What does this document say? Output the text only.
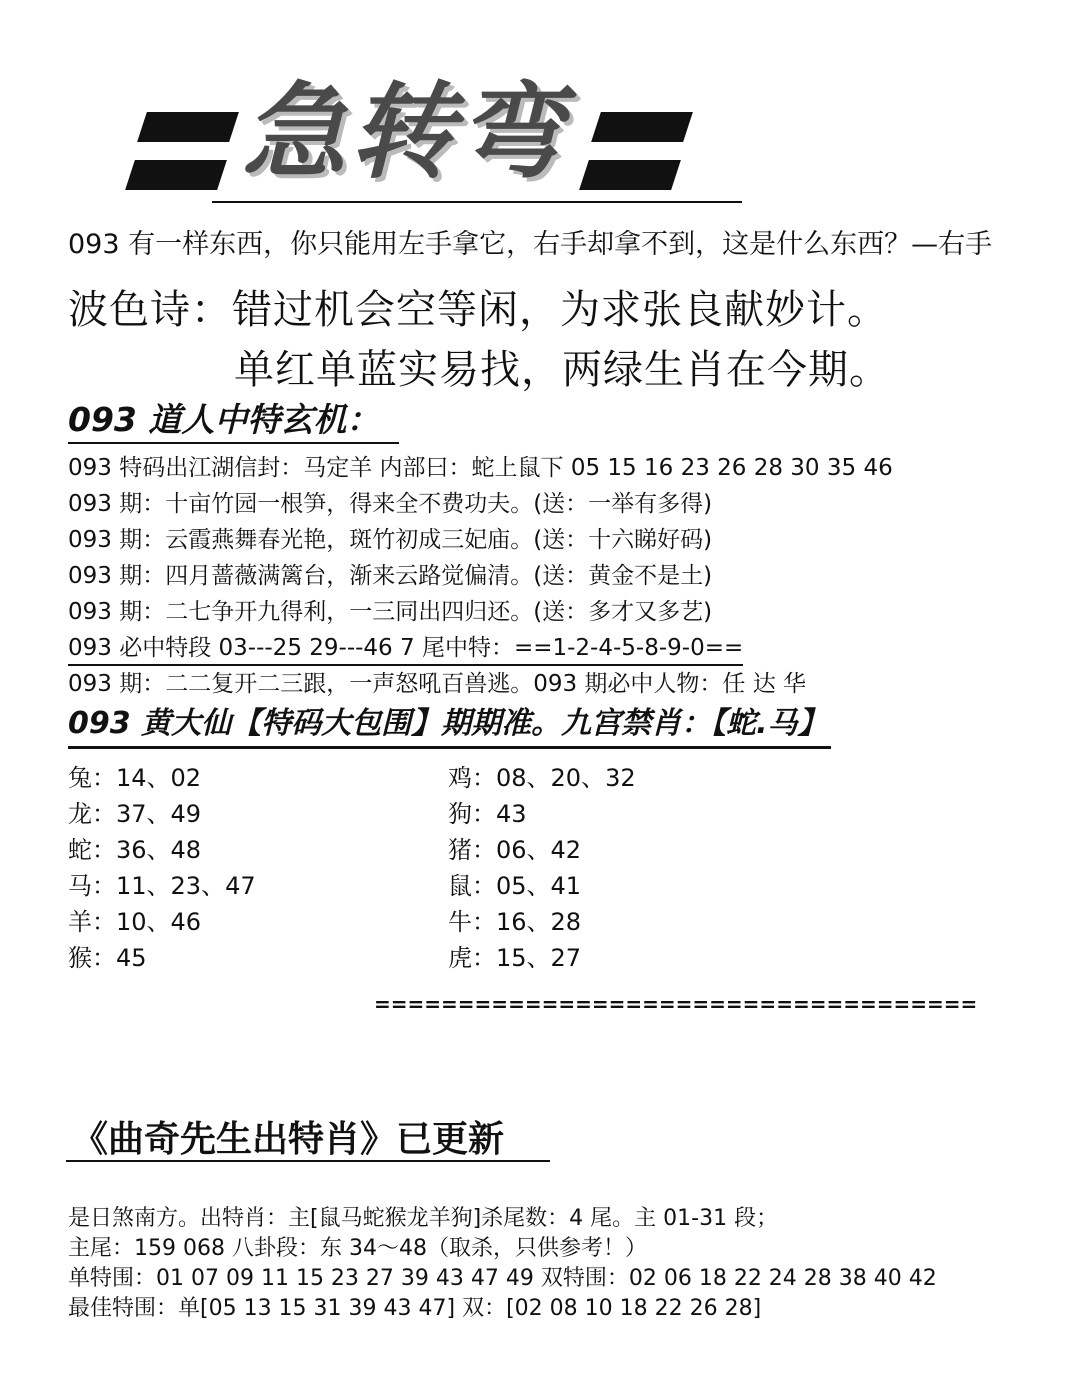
急转弯
093 有一样东西，你只能用左手拿它，右手却拿不到，这是什么东西？—右手
波色诗：错过机会空等闲，为求张良献妙计。
单红单蓝实易找，两绿生肖在今期。
093 道人中特玄机：
093 特码出江湖信封：马定羊 内部曰：蛇上鼠下 05 15 16 23 26 28 30 35 46
093 期：十亩竹园一根笋，得来全不费功夫。(送：一举有多得)
093 期：云霞燕舞春光艳，斑竹初成三妃庙。(送：十六睇好码)
093 期：四月蔷薇满篱台，渐来云路觉偏清。(送：黄金不是土)
093 期：二七争开九得利，一三同出四归还。(送：多才又多艺)
093 必中特段 03---25 29---46 7 尾中特：==1-2-4-5-8-9-0==
093 期：二二复开二三跟，一声怒吼百兽逃。093 期必中人物：任 达 华
093 黄大仙【特码大包围】期期准。九宫禁肖：【蛇.马】
兔：14、02
龙：37、49
蛇：36、48
马：11、23、47
羊：10、46
猴：45
鸡：08、20、32
狗：43
猪：06、42
鼠：05、41
牛：16、28
虎：15、27
====================================
《曲奇先生出特肖》已更新
是日煞南方。出特肖：主[鼠马蛇猴龙羊狗]杀尾数：4 尾。主 01-31 段；
主尾：159 068 八卦段：东 34～48（取杀，只供参考！）
单特围：01 07 09 11 15 23 27 39 43 47 49 双特围：02 06 18 22 24 28 38 40 42
最佳特围：单[05 13 15 31 39 43 47] 双：[02 08 10 18 22 26 28]
